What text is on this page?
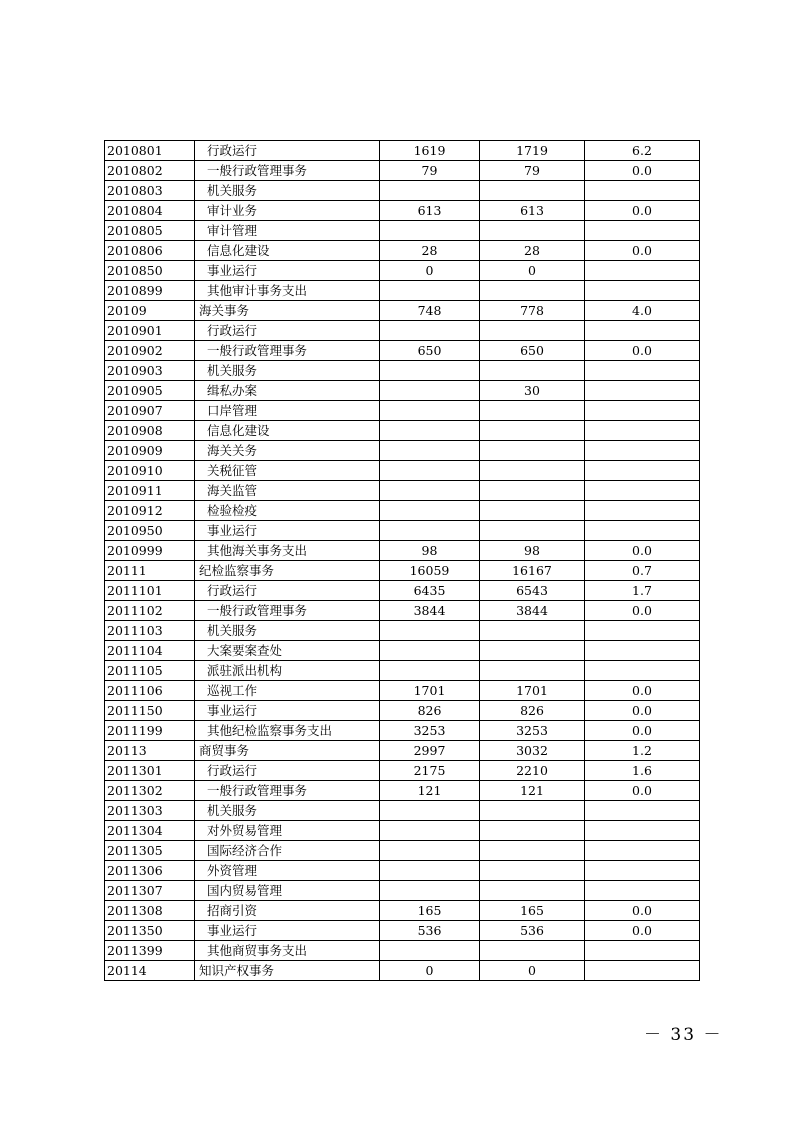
2010801	行政运行	1619	1719	6.2
2010802	一般行政管理事务	79	79	0.0
2010803	机关服务			
2010804	审计业务	613	613	0.0
2010805	审计管理			
2010806	信息化建设	28	28	0.0
2010850	事业运行	0	0	
2010899	其他审计事务支出			
20109	海关事务	748	778	4.0
2010901	行政运行			
2010902	一般行政管理事务	650	650	0.0
2010903	机关服务			
2010905	缉私办案		30	
2010907	口岸管理			
2010908	信息化建设			
2010909	海关关务			
2010910	关税征管			
2010911	海关监管			
2010912	检验检疫			
2010950	事业运行			
2010999	其他海关事务支出	98	98	0.0
20111	纪检监察事务	16059	16167	0.7
2011101	行政运行	6435	6543	1.7
2011102	一般行政管理事务	3844	3844	0.0
2011103	机关服务			
2011104	大案要案查处			
2011105	派驻派出机构			
2011106	巡视工作	1701	1701	0.0
2011150	事业运行	826	826	0.0
2011199	其他纪检监察事务支出	3253	3253	0.0
20113	商贸事务	2997	3032	1.2
2011301	行政运行	2175	2210	1.6
2011302	一般行政管理事务	121	121	0.0
2011303	机关服务			
2011304	对外贸易管理			
2011305	国际经济合作			
2011306	外资管理			
2011307	国内贸易管理			
2011308	招商引资	165	165	0.0
2011350	事业运行	536	536	0.0
2011399	其他商贸事务支出			
20114	知识产权事务	0	0	
－ 33 －
